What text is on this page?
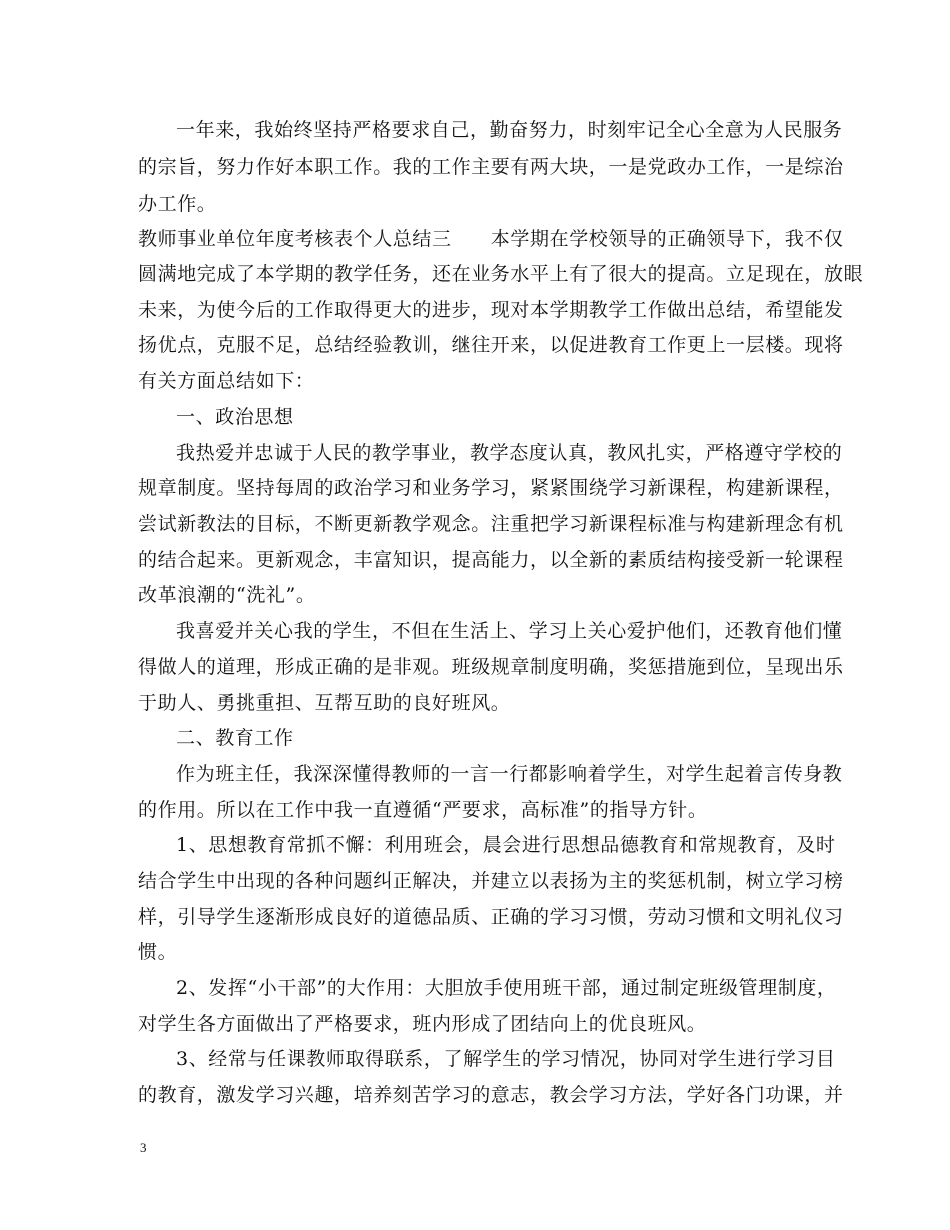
一年来，我始终坚持严格要求自己，勤奋努力，时刻牢记全心全意为人民服务
的宗旨，努力作好本职工作。我的工作主要有两大块，一是党政办工作，一是综治
办工作。
教师事业单位年度考核表个人总结三　　本学期在学校领导的正确领导下，我不仅
圆满地完成了本学期的教学任务，还在业务水平上有了很大的提高。立足现在，放眼
未来，为使今后的工作取得更大的进步，现对本学期教学工作做出总结，希望能发
扬优点，克服不足，总结经验教训，继往开来，以促进教育工作更上一层楼。现将
有关方面总结如下：
一、政治思想
我热爱并忠诚于人民的教学事业，教学态度认真，教风扎实，严格遵守学校的
规章制度。坚持每周的政治学习和业务学习，紧紧围绕学习新课程，构建新课程，
尝试新教法的目标，不断更新教学观念。注重把学习新课程标准与构建新理念有机
的结合起来。更新观念，丰富知识，提高能力，以全新的素质结构接受新一轮课程
改革浪潮的“洗礼”。
我喜爱并关心我的学生，不但在生活上、学习上关心爱护他们，还教育他们懂
得做人的道理，形成正确的是非观。班级规章制度明确，奖惩措施到位，呈现出乐
于助人、勇挑重担、互帮互助的良好班风。
二、教育工作
作为班主任，我深深懂得教师的一言一行都影响着学生，对学生起着言传身教
的作用。所以在工作中我一直遵循“严要求，高标准”的指导方针。
1、思想教育常抓不懈：利用班会，晨会进行思想品德教育和常规教育，及时
结合学生中出现的各种问题纠正解决，并建立以表扬为主的奖惩机制，树立学习榜
样，引导学生逐渐形成良好的道德品质、正确的学习习惯，劳动习惯和文明礼仪习
惯。
2、发挥“小干部”的大作用：大胆放手使用班干部，通过制定班级管理制度，
对学生各方面做出了严格要求，班内形成了团结向上的优良班风。
3、经常与任课教师取得联系，了解学生的学习情况，协同对学生进行学习目
的教育，激发学习兴趣，培养刻苦学习的意志，教会学习方法，学好各门功课，并
3
